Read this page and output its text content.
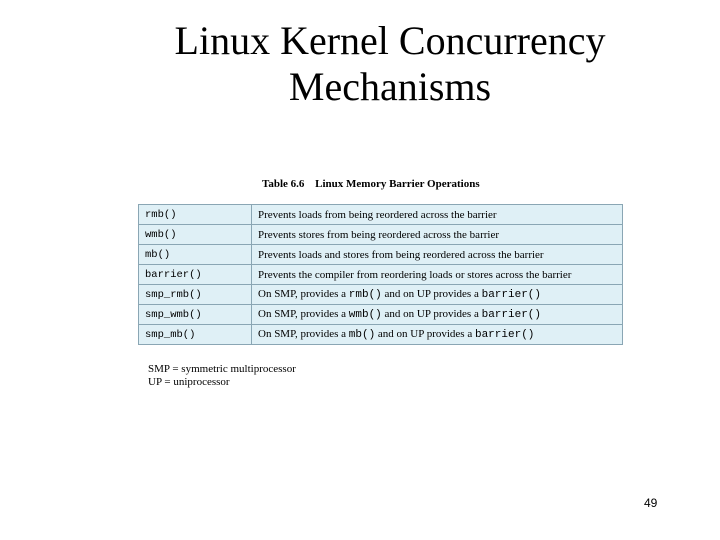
Linux Kernel Concurrency Mechanisms
Table 6.6 Linux Memory Barrier Operations
rmb()	Prevents loads from being reordered across the barrier
wmb()	Prevents stores from being reordered across the barrier
mb()	Prevents loads and stores from being reordered across the barrier
barrier()	Prevents the compiler from reordering loads or stores across the barrier
smp_rmb()	On SMP, provides a rmb() and on UP provides a barrier()
smp_wmb()	On SMP, provides a wmb() and on UP provides a barrier()
smp_mb()	On SMP, provides a mb() and on UP provides a barrier()
SMP = symmetric multiprocessor
UP = uniprocessor
49
